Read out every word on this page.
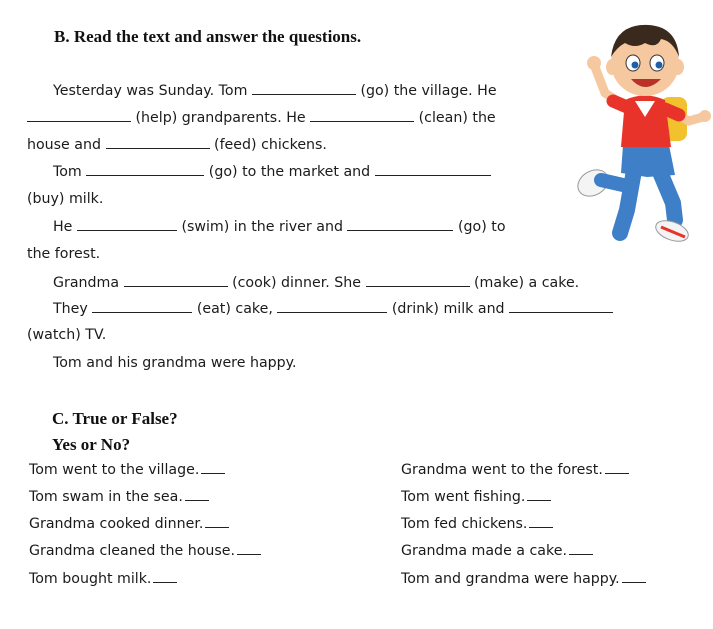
B. Read the text and answer the questions.
Yesterday was Sunday. Tom	(go) the village. He
(help) grandparents. He	(clean) the
house and	(feed) chickens.
Tom	(go) to the market and
(buy) milk.
He	(swim) in the river and	(go) to
the forest.
Grandma	(cook) dinner. She	(make) a cake.
They	(eat) cake,	(drink) milk and
(watch) TV.
Tom and his grandma were happy.
C. True or False?
Yes or No?
Tom went to the village.
Tom swam in the sea.
Grandma cooked dinner.
Grandma cleaned the house.
Tom bought milk.
Grandma went to the forest.
Tom went fishing.
Tom fed chickens.
Grandma made a cake.
Tom and grandma were happy.
